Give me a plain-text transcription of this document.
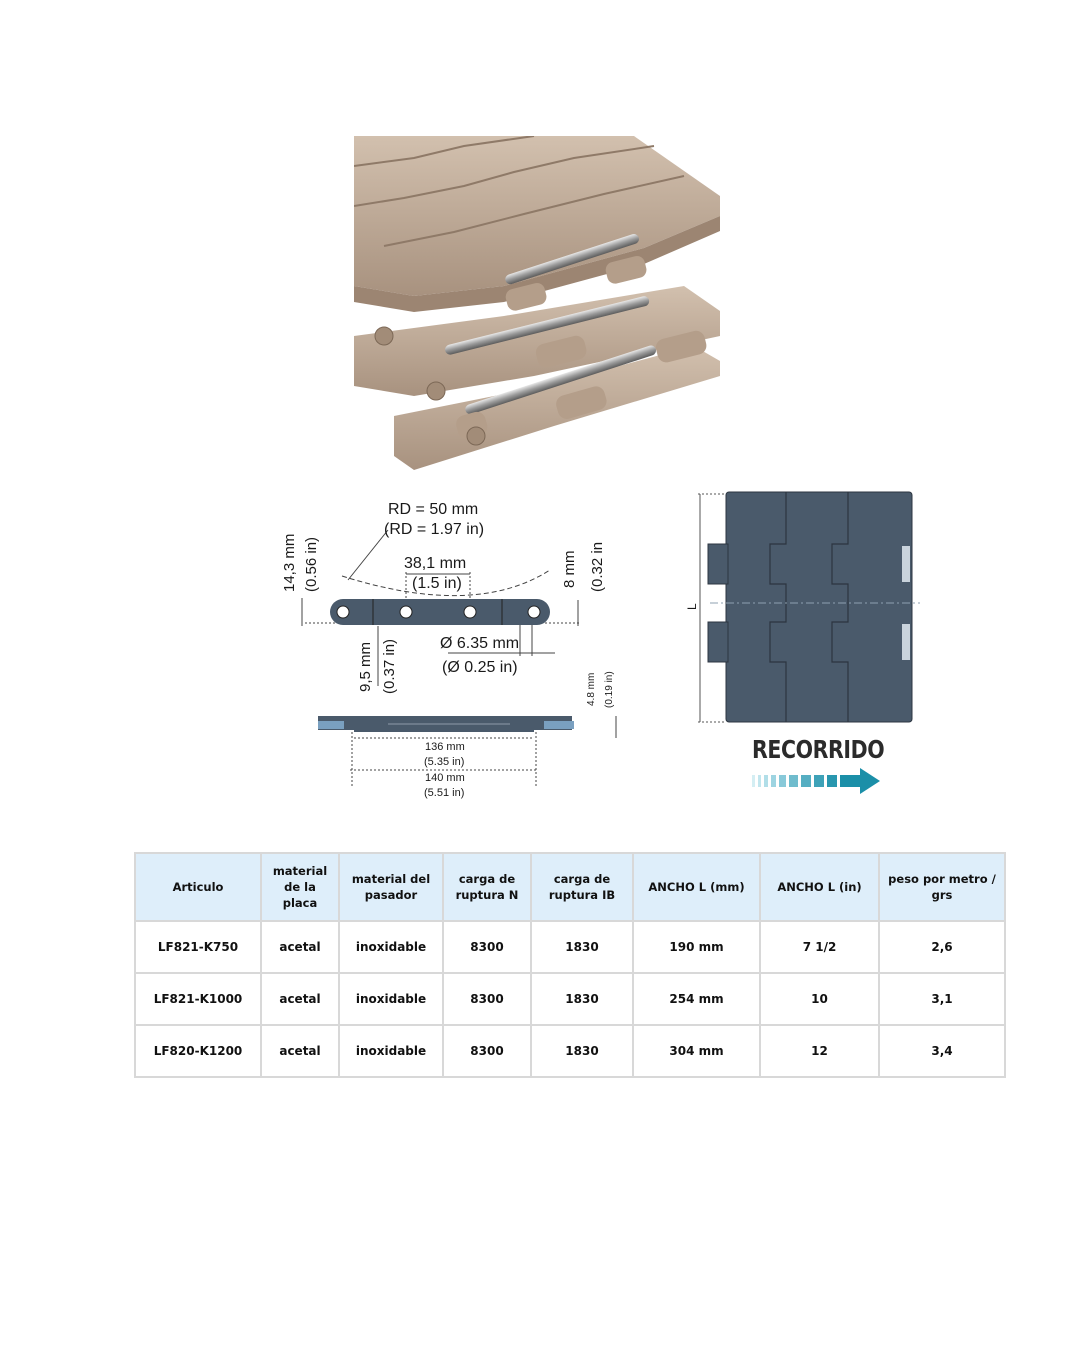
RD = 50 mm
(RD = 1.97 in)
14,3 mm (0.56 in)	38,1 mm
(1.5 in)	8 mm (0.32 in
9,5 mm (0.37 in)	Ø 6.35 mm
(Ø 0.25 in)
4.8 mm (0.19 in)
136 mm
(5.35 in)
140 mm
(5.51 in)
L
RECORRIDO
Articulo	material de la placa	material del pasador	carga de ruptura N	carga de ruptura IB	ANCHO L (mm)	ANCHO L (in)	peso por metro / grs
LF821-K750	acetal	inoxidable	8300	1830	190 mm	7 1/2	2,6
LF821-K1000	acetal	inoxidable	8300	1830	254 mm	10	3,1
LF820-K1200	acetal	inoxidable	8300	1830	304 mm	12	3,4
